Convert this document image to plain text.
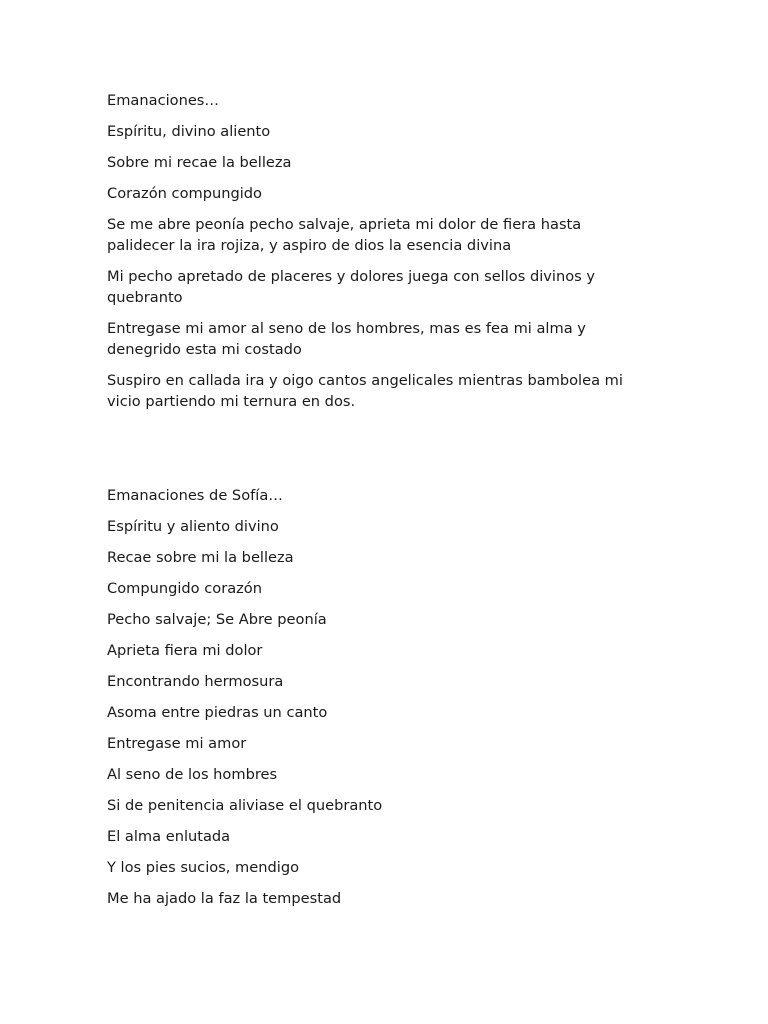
Emanaciones…

Espíritu, divino aliento

Sobre mi recae la belleza

Corazón compungido

Se me abre peonía pecho salvaje, aprieta mi dolor de fiera hasta palidecer la ira rojiza, y aspiro de dios la esencia divina

Mi pecho apretado de placeres y dolores juega con sellos divinos y quebranto

Entregase mi amor al seno de los hombres, mas es fea mi alma y denegrido esta mi costado

Suspiro en callada ira y oigo cantos angelicales mientras bambolea mi vicio partiendo mi ternura en dos.

Emanaciones de Sofía…

Espíritu y aliento divino

Recae sobre mi la belleza

Compungido corazón

Pecho salvaje; Se Abre peonía

Aprieta fiera mi dolor

Encontrando hermosura

Asoma entre piedras un canto

Entregase mi amor

Al seno de los hombres

Si de penitencia aliviase el quebranto

El alma enlutada

Y los pies sucios, mendigo

Me ha ajado la faz la tempestad
